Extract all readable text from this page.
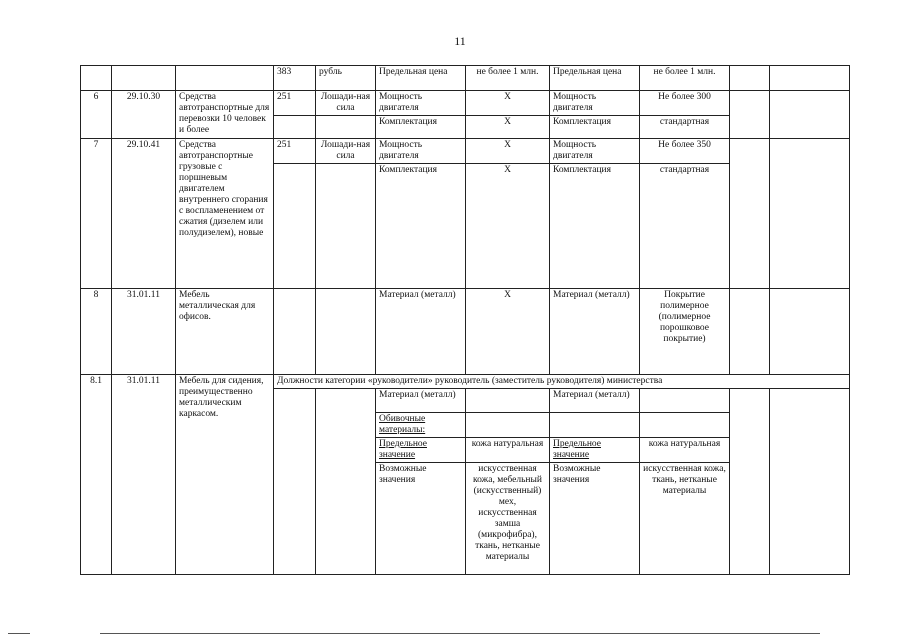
11
			383	рубль	Предельная цена	не более 1 млн.	Предельная цена	не более 1 млн.		
6	29.10.30	Средства автотранспортные для перевозки 10 человек и более	251	Лошади-ная сила	Мощность двигателя	X	Мощность двигателя	Не более 300		
					Комплектация	X	Комплектация	стандартная		
7	29.10.41	Средства автотранспортные грузовые с поршневым двигателем внутреннего сгорания с воспламенением от сжатия (дизелем или полудизелем), новые	251	Лошади-ная сила	Мощность двигателя	X	Мощность двигателя	Не более 350		
					Комплектация	X	Комплектация	стандартная		
8	31.01.11	Мебель металлическая для офисов.			Материал (металл)	X	Материал (металл)	Покрытие полимерное (полимерное порошковое покрытие)		
8.1	31.01.11	Мебель для сидения, преимущественно металлическим каркасом.	Должности категории «руководители» руководитель (заместитель руководителя) министерства							
					Материал (металл)		Материал (металл)			
					Обивочные материалы:					
					Предельное значение	кожа натуральная	Предельное значение	кожа натуральная		
					Возможные значения	искусственная кожа, мебельный (искусственный) мех, искусственная замша (микрофибра), ткань, нетканые материалы	Возможные значения	искусственная кожа, ткань, нетканые материалы		
